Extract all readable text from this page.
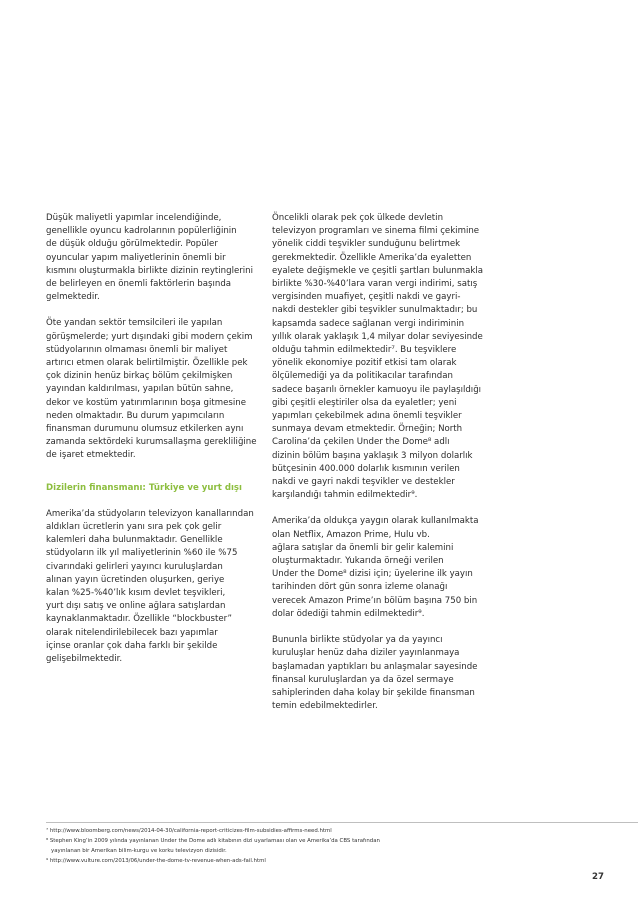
Düşük maliyetli yapımlar incelendiğinde,
genellikle oyuncu kadrolarının popülerliğinin
de düşük olduğu görülmektedir. Popüler
oyuncular yapım maliyetlerinin önemli bir
kısmını oluşturmakla birlikte dizinin reytinglerini
de belirleyen en önemli faktörlerin başında
gelmektedir.

Öte yandan sektör temsilcileri ile yapılan
görüşmelerde; yurt dışındaki gibi modern çekim
stüdyolarının olmaması önemli bir maliyet
artırıcı etmen olarak belirtilmiştir. Özellikle pek
çok dizinin henüz birkaç bölüm çekilmişken
yayından kaldırılması, yapılan bütün sahne,
dekor ve kostüm yatırımlarının boşa gitmesine
neden olmaktadır. Bu durum yapımcıların
finansman durumunu olumsuz etkilerken aynı
zamanda sektördeki kurumsallaşma gerekliliğine
de işaret etmektedir.

Dizilerin finansmanı: Türkiye ve yurt dışı

Amerika’da stüdyoların televizyon kanallarından
aldıkları ücretlerin yanı sıra pek çok gelir
kalemleri daha bulunmaktadır. Genellikle
stüdyoların ilk yıl maliyetlerinin %60 ile %75
civarındaki gelirleri yayıncı kuruluşlardan
alınan yayın ücretinden oluşurken, geriye
kalan %25-%40’lık kısım devlet teşvikleri,
yurt dışı satış ve online ağlara satışlardan
kaynaklanmaktadır. Özellikle “blockbuster”
olarak nitelendirilebilecek bazı yapımlar
içinse oranlar çok daha farklı bir şekilde
gelişebilmektedir.

Öncelikli olarak pek çok ülkede devletin
televizyon programları ve sinema filmi çekimine
yönelik ciddi teşvikler sunduğunu belirtmek
gerekmektedir. Özellikle Amerika’da eyaletten
eyalete değişmekle ve çeşitli şartları bulunmakla
birlikte %30-%40’lara varan vergi indirimi, satış
vergisinden muafiyet, çeşitli nakdi ve gayri-
nakdi destekler gibi teşvikler sunulmaktadır; bu
kapsamda sadece sağlanan vergi indiriminin
yıllık olarak yaklaşık 1,4 milyar dolar seviyesinde
olduğu tahmin edilmektedir⁷. Bu teşviklere
yönelik ekonomiye pozitif etkisi tam olarak
ölçülemediği ya da politikacılar tarafından
sadece başarılı örnekler kamuoyu ile paylaşıldığı
gibi çeşitli eleştiriler olsa da eyaletler; yeni
yapımları çekebilmek adına önemli teşvikler
sunmaya devam etmektedir. Örneğin; North
Carolina’da çekilen Under the Dome⁸ adlı
dizinin bölüm başına yaklaşık 3 milyon dolarlık
bütçesinin 400.000 dolarlık kısmının verilen
nakdi ve gayri nakdi teşvikler ve destekler
karşılandığı tahmin edilmektedir⁹.

Amerika’da oldukça yaygın olarak kullanılmakta
olan Netflix, Amazon Prime, Hulu vb.
ağlara satışlar da önemli bir gelir kalemini
oluşturmaktadır. Yukarıda örneği verilen
Under the Dome⁸ dizisi için; üyelerine ilk yayın
tarihinden dört gün sonra izleme olanağı
verecek Amazon Prime’ın bölüm başına 750 bin
dolar ödediği tahmin edilmektedir⁹.

Bununla birlikte stüdyolar ya da yayıncı
kuruluşlar henüz daha diziler yayınlanmaya
başlamadan yaptıkları bu anlaşmalar sayesinde
finansal kuruluşlardan ya da özel sermaye
sahiplerinden daha kolay bir şekilde finansman
temin edebilmektedirler.

⁷ http://www.bloomberg.com/news/2014-04-30/california-report-criticizes-film-subsidies-affirms-need.html
⁸ Stephen King’in 2009 yılında yayınlanan Under the Dome adlı kitabının dizi uyarlaması olan ve Amerika’da CBS tarafından
yayınlanan bir Amerikan bilim-kurgu ve korku televizyon dizisidir.
⁹ http://www.vulture.com/2013/06/under-the-dome-tv-revenue-when-ads-fail.html
27
